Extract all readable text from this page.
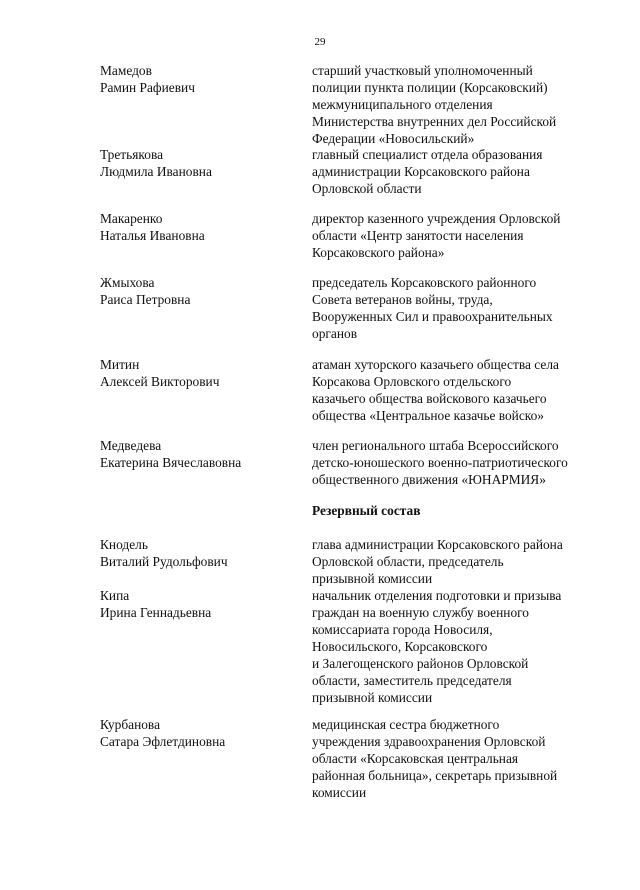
29
Мамедов
Рамин Рафиевич
старший участковый уполномоченный
полиции пункта полиции (Корсаковский)
межмуниципального отделения
Министерства внутренних дел Российской
Федерации «Новосильский»
Третьякова
Людмила Ивановна
главный специалист отдела образования
администрации Корсаковского района
Орловской области
Макаренко
Наталья Ивановна
директор казенного учреждения Орловской
области «Центр занятости населения
Корсаковского района»
Жмыхова
Раиса Петровна
председатель Корсаковского районного
Совета ветеранов войны, труда,
Вооруженных Сил и правоохранительных
органов
Митин
Алексей Викторович
атаман хуторского казачьего общества села
Корсакова Орловского отдельского
казачьего общества войскового казачьего
общества «Центральное казачье войско»
Медведева
Екатерина Вячеславовна
член регионального штаба Всероссийского
детско-юношеского военно-патриотического
общественного движения «ЮНАРМИЯ»
Резервный состав
Кнодель
Виталий Рудольфович
глава администрации Корсаковского района
Орловской области, председатель
призывной комиссии
Кипа
Ирина Геннадьевна
начальник отделения подготовки и призыва
граждан на военную службу военного
комиссариата города Новосиля,
Новосильского, Корсаковского
и Залегощенского районов Орловской
области, заместитель председателя
призывной комиссии
Курбанова
Сатара Эфлетдиновна
медицинская сестра бюджетного
учреждения здравоохранения Орловской
области «Корсаковская центральная
районная больница», секретарь призывной
комиссии
